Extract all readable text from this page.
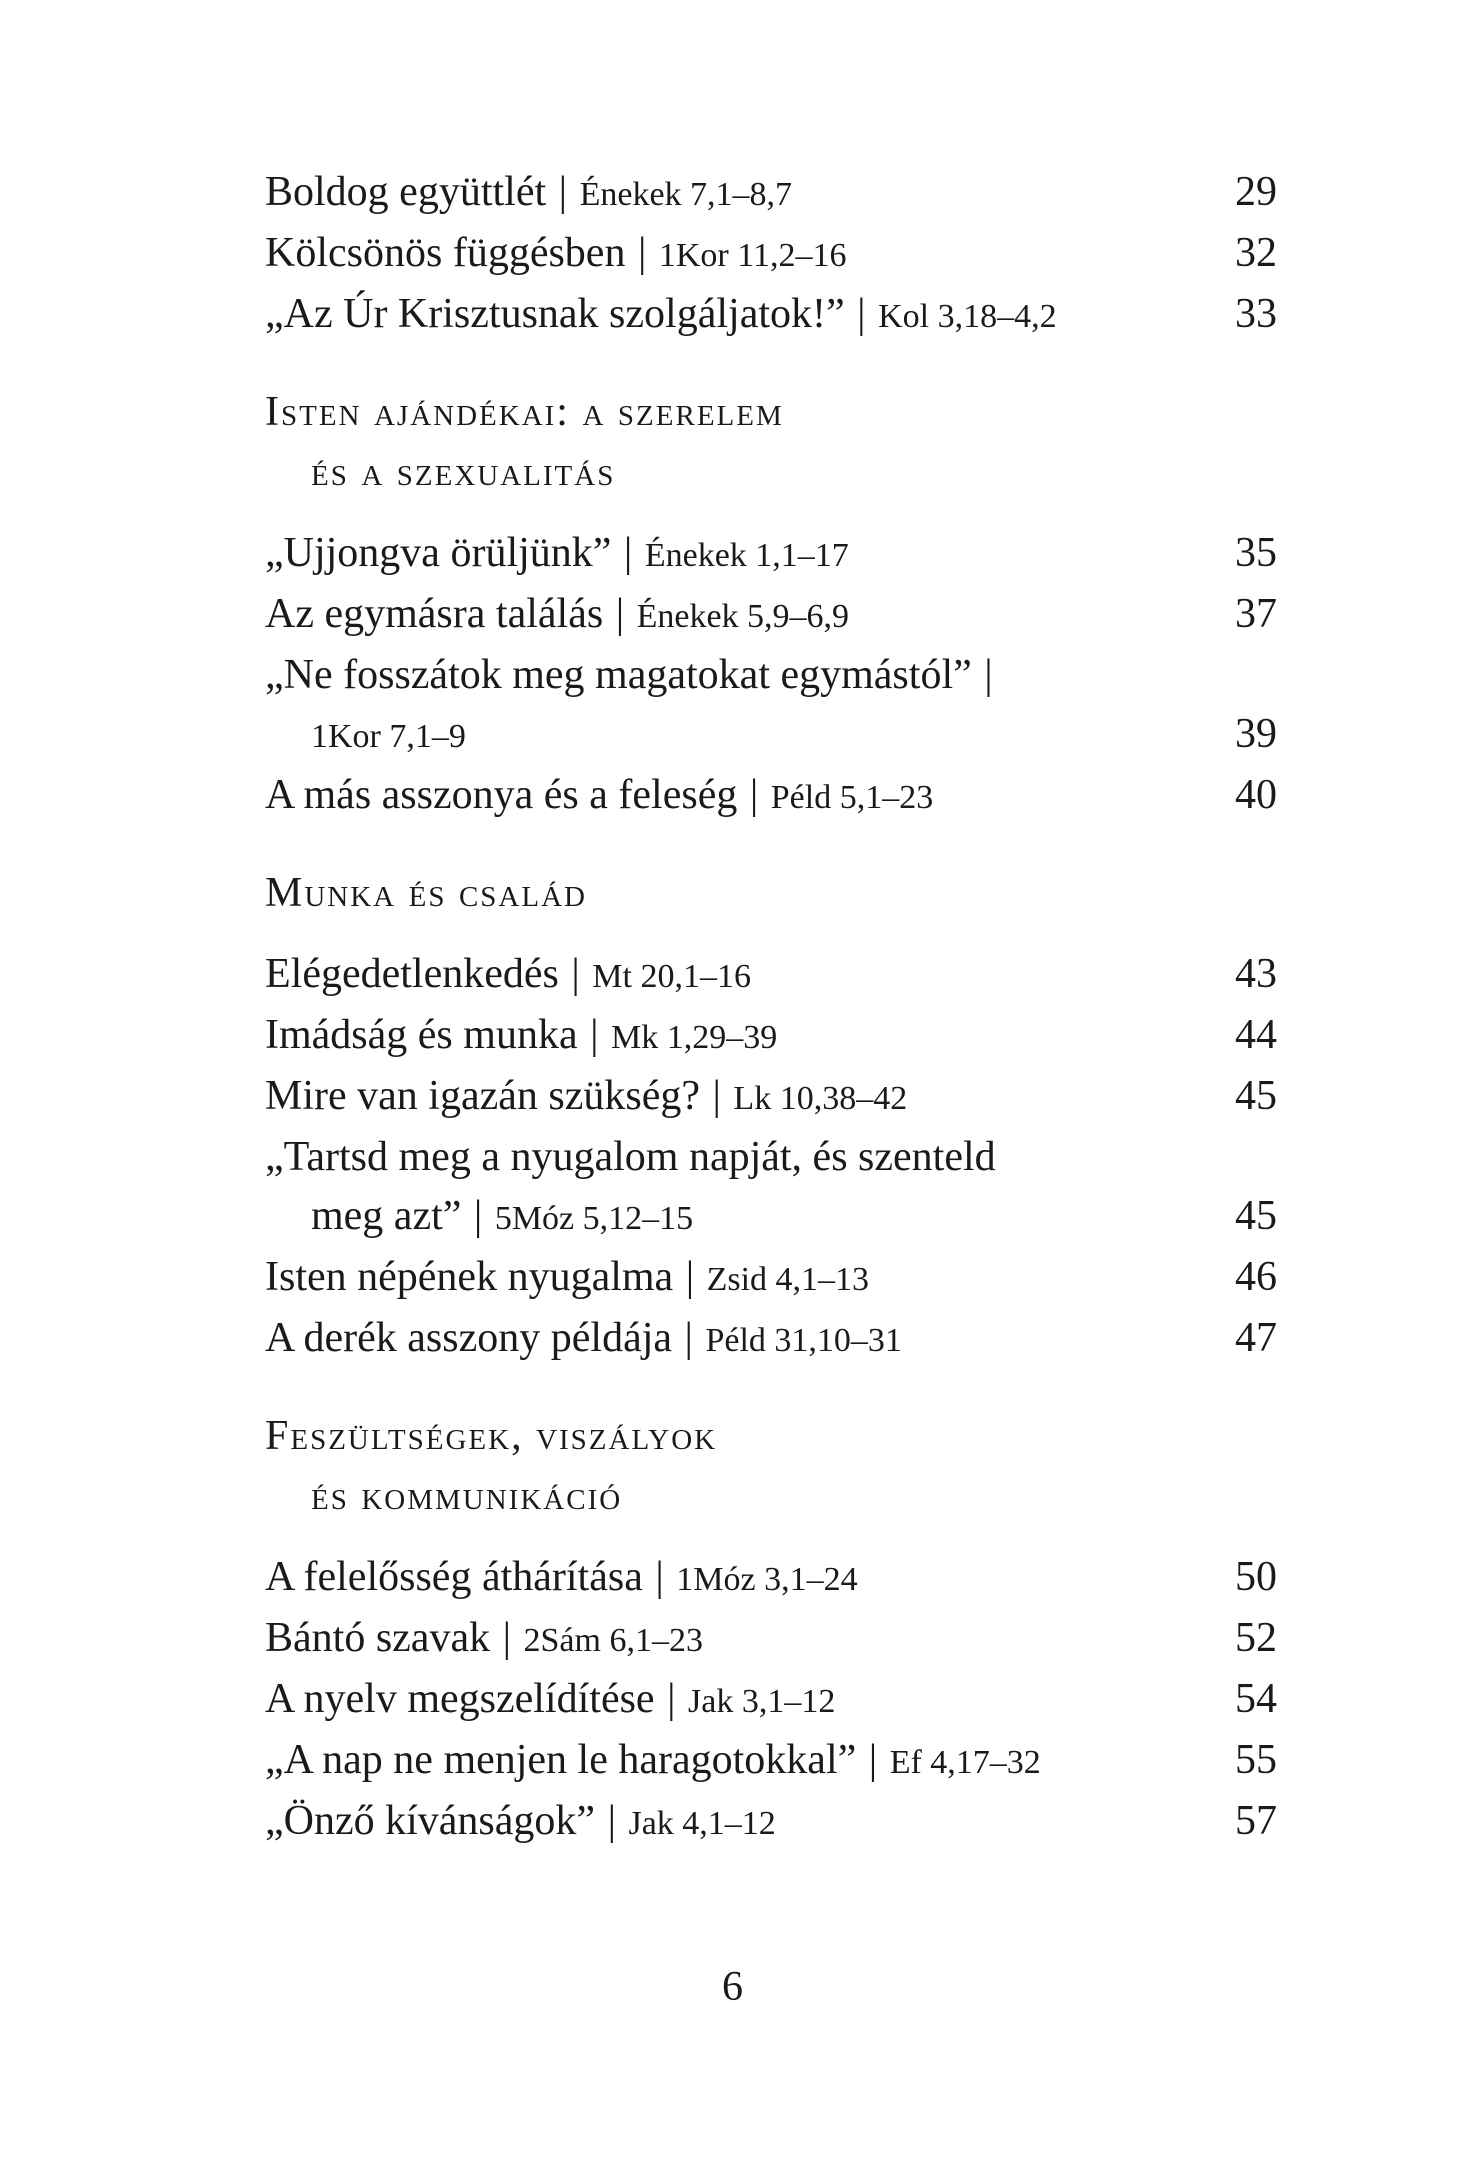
Boldog együttlét | Énekek 7,1–8,7	29
Kölcsönös függésben | 1Kor 11,2–16	32
„Az Úr Krisztusnak szolgáljatok!” | Kol 3,18–4,2	33
Isten ajándékai: a szerelem
és a szexualitás
„Ujjongva örüljünk” | Énekek 1,1–17	35
Az egymásra találás | Énekek 5,9–6,9	37
„Ne fosszátok meg magatokat egymástól” |
1Kor 7,1–9	39
A más asszonya és a feleség | Péld 5,1–23	40
Munka és család
Elégedetlenkedés | Mt 20,1–16	43
Imádság és munka | Mk 1,29–39	44
Mire van igazán szükség? | Lk 10,38–42	45
„Tartsd meg a nyugalom napját, és szenteld
meg azt” | 5Móz 5,12–15	45
Isten népének nyugalma | Zsid 4,1–13	46
A derék asszony példája | Péld 31,10–31	47
Feszültségek, viszályok
és kommunikáció
A felelősség áthárítása | 1Móz 3,1–24	50
Bántó szavak | 2Sám 6,1–23	52
A nyelv megszelídítése | Jak 3,1–12	54
„A nap ne menjen le haragotokkal” | Ef 4,17–32	55
„Önző kívánságok” | Jak 4,1–12	57
6
